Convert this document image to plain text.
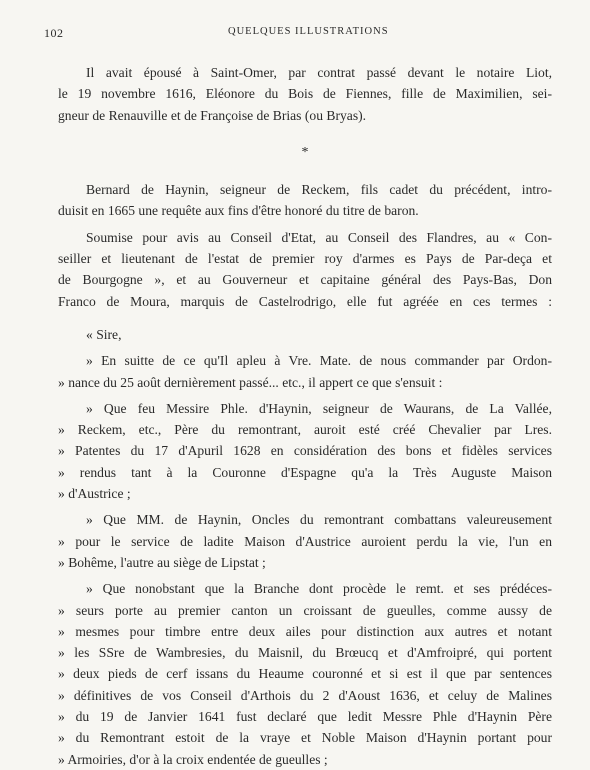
102	QUELQUES ILLUSTRATIONS
Il avait épousé à Saint-Omer, par contrat passé devant le notaire Liot,
le 19 novembre 1616, Eléonore du Bois de Fiennes, fille de Maximilien, sei-
gneur de Renauville et de Françoise de Brias (ou Bryas).
*
Bernard de Haynin, seigneur de Reckem, fils cadet du précédent, intro-
duisit en 1665 une requête aux fins d'être honoré du titre de baron.
Soumise pour avis au Conseil d'Etat, au Conseil des Flandres, au « Con-
seiller et lieutenant de l'estat de premier roy d'armes es Pays de Par-deça et
de Bourgogne », et au Gouverneur et capitaine général des Pays-Bas, Don
Franco de Moura, marquis de Castelrodrigo, elle fut agréée en ces termes :
« Sire,
» En suitte de ce qu'Il apleu à Vre. Mate. de nous commander par Ordon-
» nance du 25 août dernièrement passé... etc., il appert ce que s'ensuit :
» Que feu Messire Phle. d'Haynin, seigneur de Waurans, de La Vallée,
» Reckem, etc., Père du remontrant, auroit esté créé Chevalier par Lres.
» Patentes du 17 d'Apuril 1628 en considération des bons et fidèles services
» rendus tant à la Couronne d'Espagne qu'a la Très Auguste Maison
» d'Austrice ;
» Que MM. de Haynin, Oncles du remontrant combattans valeureusement
» pour le service de ladite Maison d'Austrice auroient perdu la vie, l'un en
» Bohême, l'autre au siège de Lipstat ;
» Que nonobstant que la Branche dont procède le remt. et ses prédéces-
» seurs porte au premier canton un croissant de gueulles, comme aussy de
» mesmes pour timbre entre deux ailes pour distinction aux autres et notant
» les SSre de Wambresies, du Maisnil, du Brœucq et d'Amfroipré, qui portent
» deux pieds de cerf issans du Heaume couronné et si est il que par sentences
» définitives de vos Conseil d'Arthois du 2 d'Aoust 1636, et celuy de Malines
» du 19 de Janvier 1641 fust declaré que ledit Messre Phle d'Haynin Père
» du Remontrant estoit de la vraye et Noble Maison d'Haynin portant pour
» Armoiries, d'or à la croix endentée de gueulles ;
